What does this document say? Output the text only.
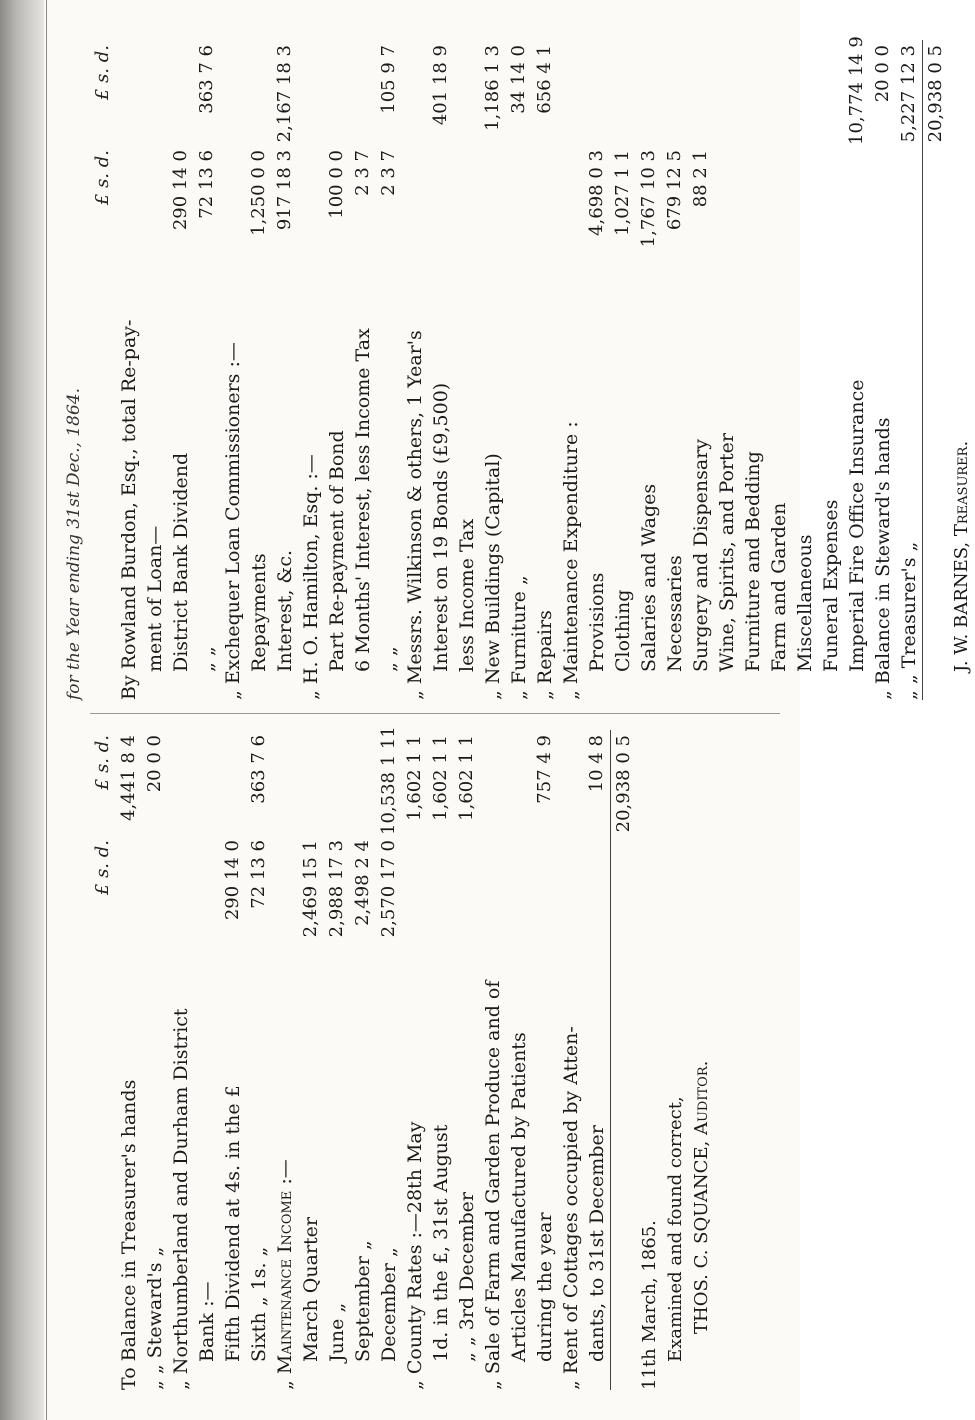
for the Year ending 31st Dec., 1864.
£ s. d.
£ s. d.
To Balance in Treasurer's hands
4,441 8 4
„ „ Steward's „
20 0 0
„ Northumberland and Durham District Bank :— Fifth Dividend at 4s. in the £
290 14 0
Sixth „ 1s. „
72 13 6
363 7 6
„ Maintenance Income :— March Quarter
2,469 15 1
June „
2,988 17 3
September „
2,498 2 4
December „
2,570 17 0
10,538 1 11
„ County Rates :—28th May
1,602 1 1
1d. in the £, 31st August
1,602 1 1
„ „ 3rd December
1,602 1 1
„ Sale of Farm and Garden Produce and of Articles Manufactured by Patients during the year
757 4 9
„ Rent of Cottages occupied by Atten- dants, to 31st December
10 4 8 20,938 0 5
11th March, 1865. Examined and found correct, THOS. C. SQUANCE, Auditor.
£ s. d.
£ s. d.
By Rowland Burdon, Esq., total Re-pay- ment of Loan— District Bank Dividend
290 14 0
„ „
72 13 6
363 7 6
„ Exchequer Loan Commissioners :— Repayments
1,250 0 0
Interest, &c.
917 18 3
2,167 18 3
„ H. O. Hamilton, Esq. :— Part Re-payment of Bond
100 0 0
6 Months' Interest, less Income Tax
2 3 7
„ „
2 3 7
105 9 7
„ Messrs. Wilkinson & others, 1 Year's Interest on 19 Bonds (£9,500)
401 18 9
less Income Tax „ New Buildings (Capital)
1,186 1 3
„ Furniture „
34 14 0
„ Repairs
656 4 1
„ Maintenance Expenditure : Provisions
4,698 0 3
Clothing
1,027 1 1
Salaries and Wages
1,767 10 3
Necessaries
679 12 5
Surgery and Dispensary
88 2 1
Wine, Spirits, and Porter Furniture and Bedding Farm and Garden Miscellaneous Funeral Expenses Imperial Fire Office Insurance
10,774 14 9
„ Balance in Steward's hands
20 0 0
„ „ Treasurer's „
5,227 12 3 20,938 0 5
J. W. BARNES, Treasurer.
